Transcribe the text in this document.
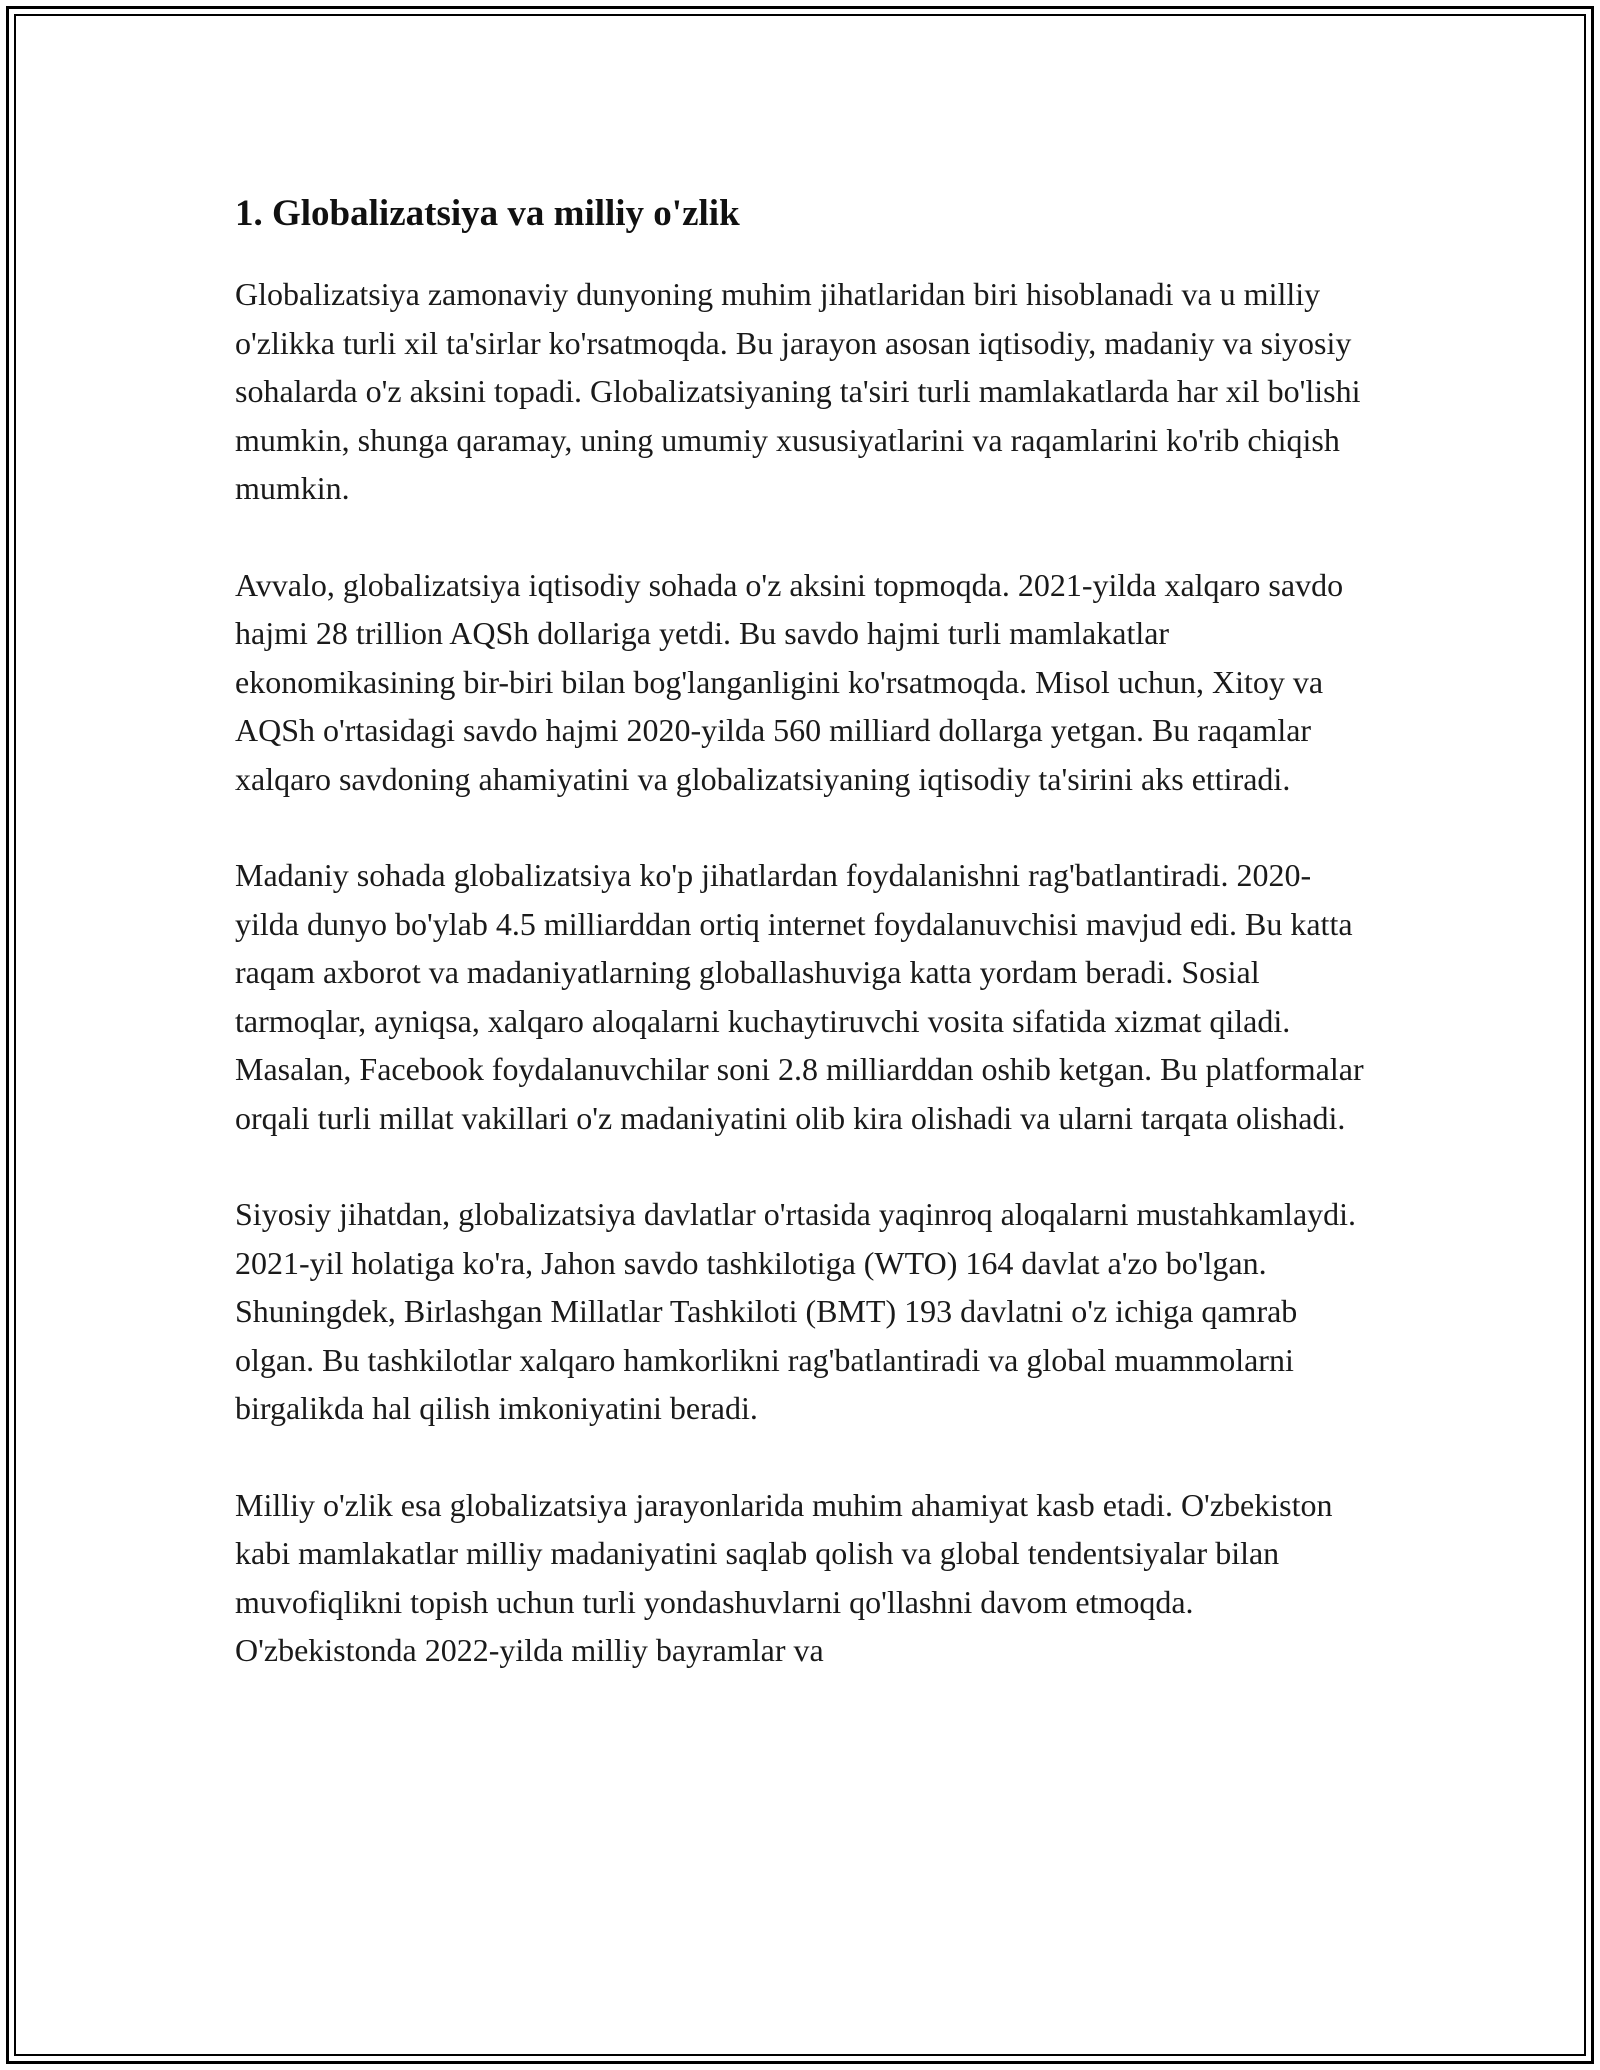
1. Globalizatsiya va milliy o'zlik

Globalizatsiya zamonaviy dunyoning muhim jihatlaridan biri hisoblanadi va u milliy o'zlikka turli xil ta'sirlar ko'rsatmoqda. Bu jarayon asosan iqtisodiy, madaniy va siyosiy sohalarda o'z aksini topadi. Globalizatsiyaning ta'siri turli mamlakatlarda har xil bo'lishi mumkin, shunga qaramay, uning umumiy xususiyatlarini va raqamlarini ko'rib chiqish mumkin.

Avvalo, globalizatsiya iqtisodiy sohada o'z aksini topmoqda. 2021-yilda xalqaro savdo hajmi 28 trillion AQSh dollariga yetdi. Bu savdo hajmi turli mamlakatlar ekonomikasining bir-biri bilan bog'langanligini ko'rsatmoqda. Misol uchun, Xitoy va AQSh o'rtasidagi savdo hajmi 2020-yilda 560 milliard dollarga yetgan. Bu raqamlar xalqaro savdoning ahamiyatini va globalizatsiyaning iqtisodiy ta'sirini aks ettiradi.

Madaniy sohada globalizatsiya ko'p jihatlardan foydalanishni rag'batlantiradi. 2020-yilda dunyo bo'ylab 4.5 milliarddan ortiq internet foydalanuvchisi mavjud edi. Bu katta raqam axborot va madaniyatlarning globallashuviga katta yordam beradi. Sosial tarmoqlar, ayniqsa, xalqaro aloqalarni kuchaytiruvchi vosita sifatida xizmat qiladi. Masalan, Facebook foydalanuvchilar soni 2.8 milliarddan oshib ketgan. Bu platformalar orqali turli millat vakillari o'z madaniyatini olib kira olishadi va ularni tarqata olishadi.

Siyosiy jihatdan, globalizatsiya davlatlar o'rtasida yaqinroq aloqalarni mustahkamlaydi. 2021-yil holatiga ko'ra, Jahon savdo tashkilotiga (WTO) 164 davlat a'zo bo'lgan. Shuningdek, Birlashgan Millatlar Tashkiloti (BMT) 193 davlatni o'z ichiga qamrab olgan. Bu tashkilotlar xalqaro hamkorlikni rag'batlantiradi va global muammolarni birgalikda hal qilish imkoniyatini beradi.

Milliy o'zlik esa globalizatsiya jarayonlarida muhim ahamiyat kasb etadi. O'zbekiston kabi mamlakatlar milliy madaniyatini saqlab qolish va global tendentsiyalar bilan muvofiqlikni topish uchun turli yondashuvlarni qo'llashni davom etmoqda. O'zbekistonda 2022-yilda milliy bayramlar va
